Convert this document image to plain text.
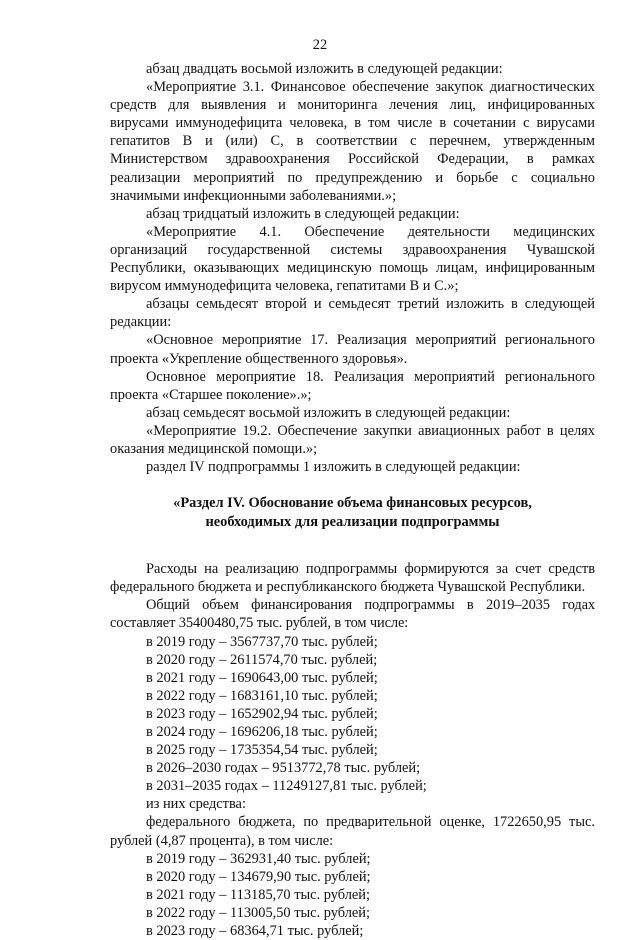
22

абзац двадцать восьмой изложить в следующей редакции:

«Мероприятие 3.1. Финансовое обеспечение закупок диагностических средств для выявления и мониторинга лечения лиц, инфицированных вирусами иммунодефицита человека, в том числе в сочетании с вирусами гепатитов В и (или) С, в соответствии с перечнем, утвержденным Министерством здравоохранения Российской Федерации, в рамках реализации мероприятий по предупреждению и борьбе с социально значимыми инфекционными заболеваниями.»;

абзац тридцатый изложить в следующей редакции:

«Мероприятие 4.1. Обеспечение деятельности медицинских организаций государственной системы здравоохранения Чувашской Республики, оказывающих медицинскую помощь лицам, инфицированным вирусом иммунодефицита человека, гепатитами В и С.»;

абзацы семьдесят второй и семьдесят третий изложить в следующей редакции:

«Основное мероприятие 17. Реализация мероприятий регионального проекта «Укрепление общественного здоровья».

Основное мероприятие 18. Реализация мероприятий регионального проекта «Старшее поколение».»;

абзац семьдесят восьмой изложить в следующей редакции:

«Мероприятие 19.2. Обеспечение закупки авиационных работ в целях оказания медицинской помощи.»;

раздел IV подпрограммы 1 изложить в следующей редакции:

«Раздел IV. Обоснование объема финансовых ресурсов,
необходимых для реализации подпрограммы

Расходы на реализацию подпрограммы формируются за счет средств федерального бюджета и республиканского бюджета Чувашской Республики.

Общий объем финансирования подпрограммы в 2019–2035 годах составляет 35400480,75 тыс. рублей, в том числе:

в 2019 году – 3567737,70 тыс. рублей;

в 2020 году – 2611574,70 тыс. рублей;

в 2021 году – 1690643,00 тыс. рублей;

в 2022 году – 1683161,10 тыс. рублей;

в 2023 году – 1652902,94 тыс. рублей;

в 2024 году – 1696206,18 тыс. рублей;

в 2025 году – 1735354,54 тыс. рублей;

в 2026–2030 годах – 9513772,78 тыс. рублей;

в 2031–2035 годах – 11249127,81 тыс. рублей;

из них средства:

федерального бюджета, по предварительной оценке, 1722650,95 тыс. рублей (4,87 процента), в том числе:

в 2019 году – 362931,40 тыс. рублей;

в 2020 году – 134679,90 тыс. рублей;

в 2021 году – 113185,70 тыс. рублей;

в 2022 году – 113005,50 тыс. рублей;

в 2023 году – 68364,71 тыс. рублей;
